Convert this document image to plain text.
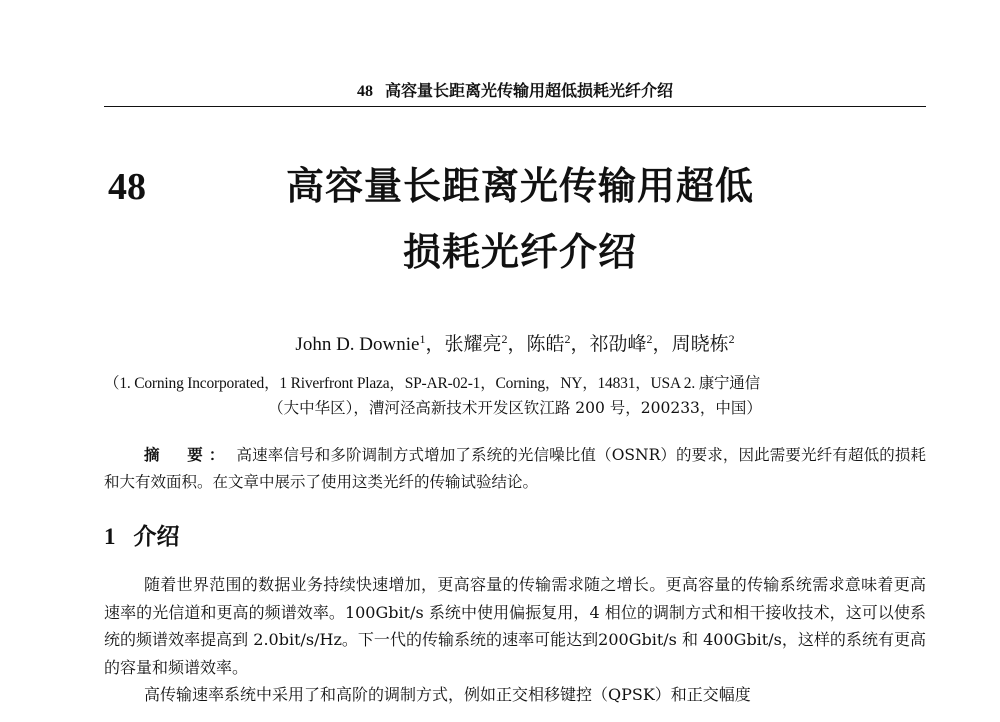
48 高容量长距离光传输用超低损耗光纤介绍
48	高容量长距离光传输用超低
损耗光纤介绍
John D. Downie$^1$，张耀亮$^2$，陈皓$^2$，祁劭峰$^2$，周晓栋$^2$
（1. Corning Incorporated，1 Riverfront Plaza，SP-AR-02-1，Corning，NY，14831，USA 2. 康宁通信
（大中华区），漕河泾高新技术开发区钦江路 200 号，200233，中国）
摘　要： 高速率信号和多阶调制方式增加了系统的光信噪比值（OSNR）的要求，因此需要光纤有超低的损耗和大有效面积。在文章中展示了使用这类光纤的传输试验结论。
1 介绍

随着世界范围的数据业务持续快速增加，更高容量的传输需求随之增长。更高容量的传输系统需求意味着更高速率的光信道和更高的频谱效率。100Gbit/s 系统中使用偏振复用，4 相位的调制方式和相干接收技术，这可以使系统的频谱效率提高到 2.0bit/s/Hz。下一代的传输系统的速率可能达到200Gbit/s 和 400Gbit/s，这样的系统有更高的容量和频谱效率。

高传输速率系统中采用了和高阶的调制方式，例如正交相移键控（QPSK）和正交幅度
